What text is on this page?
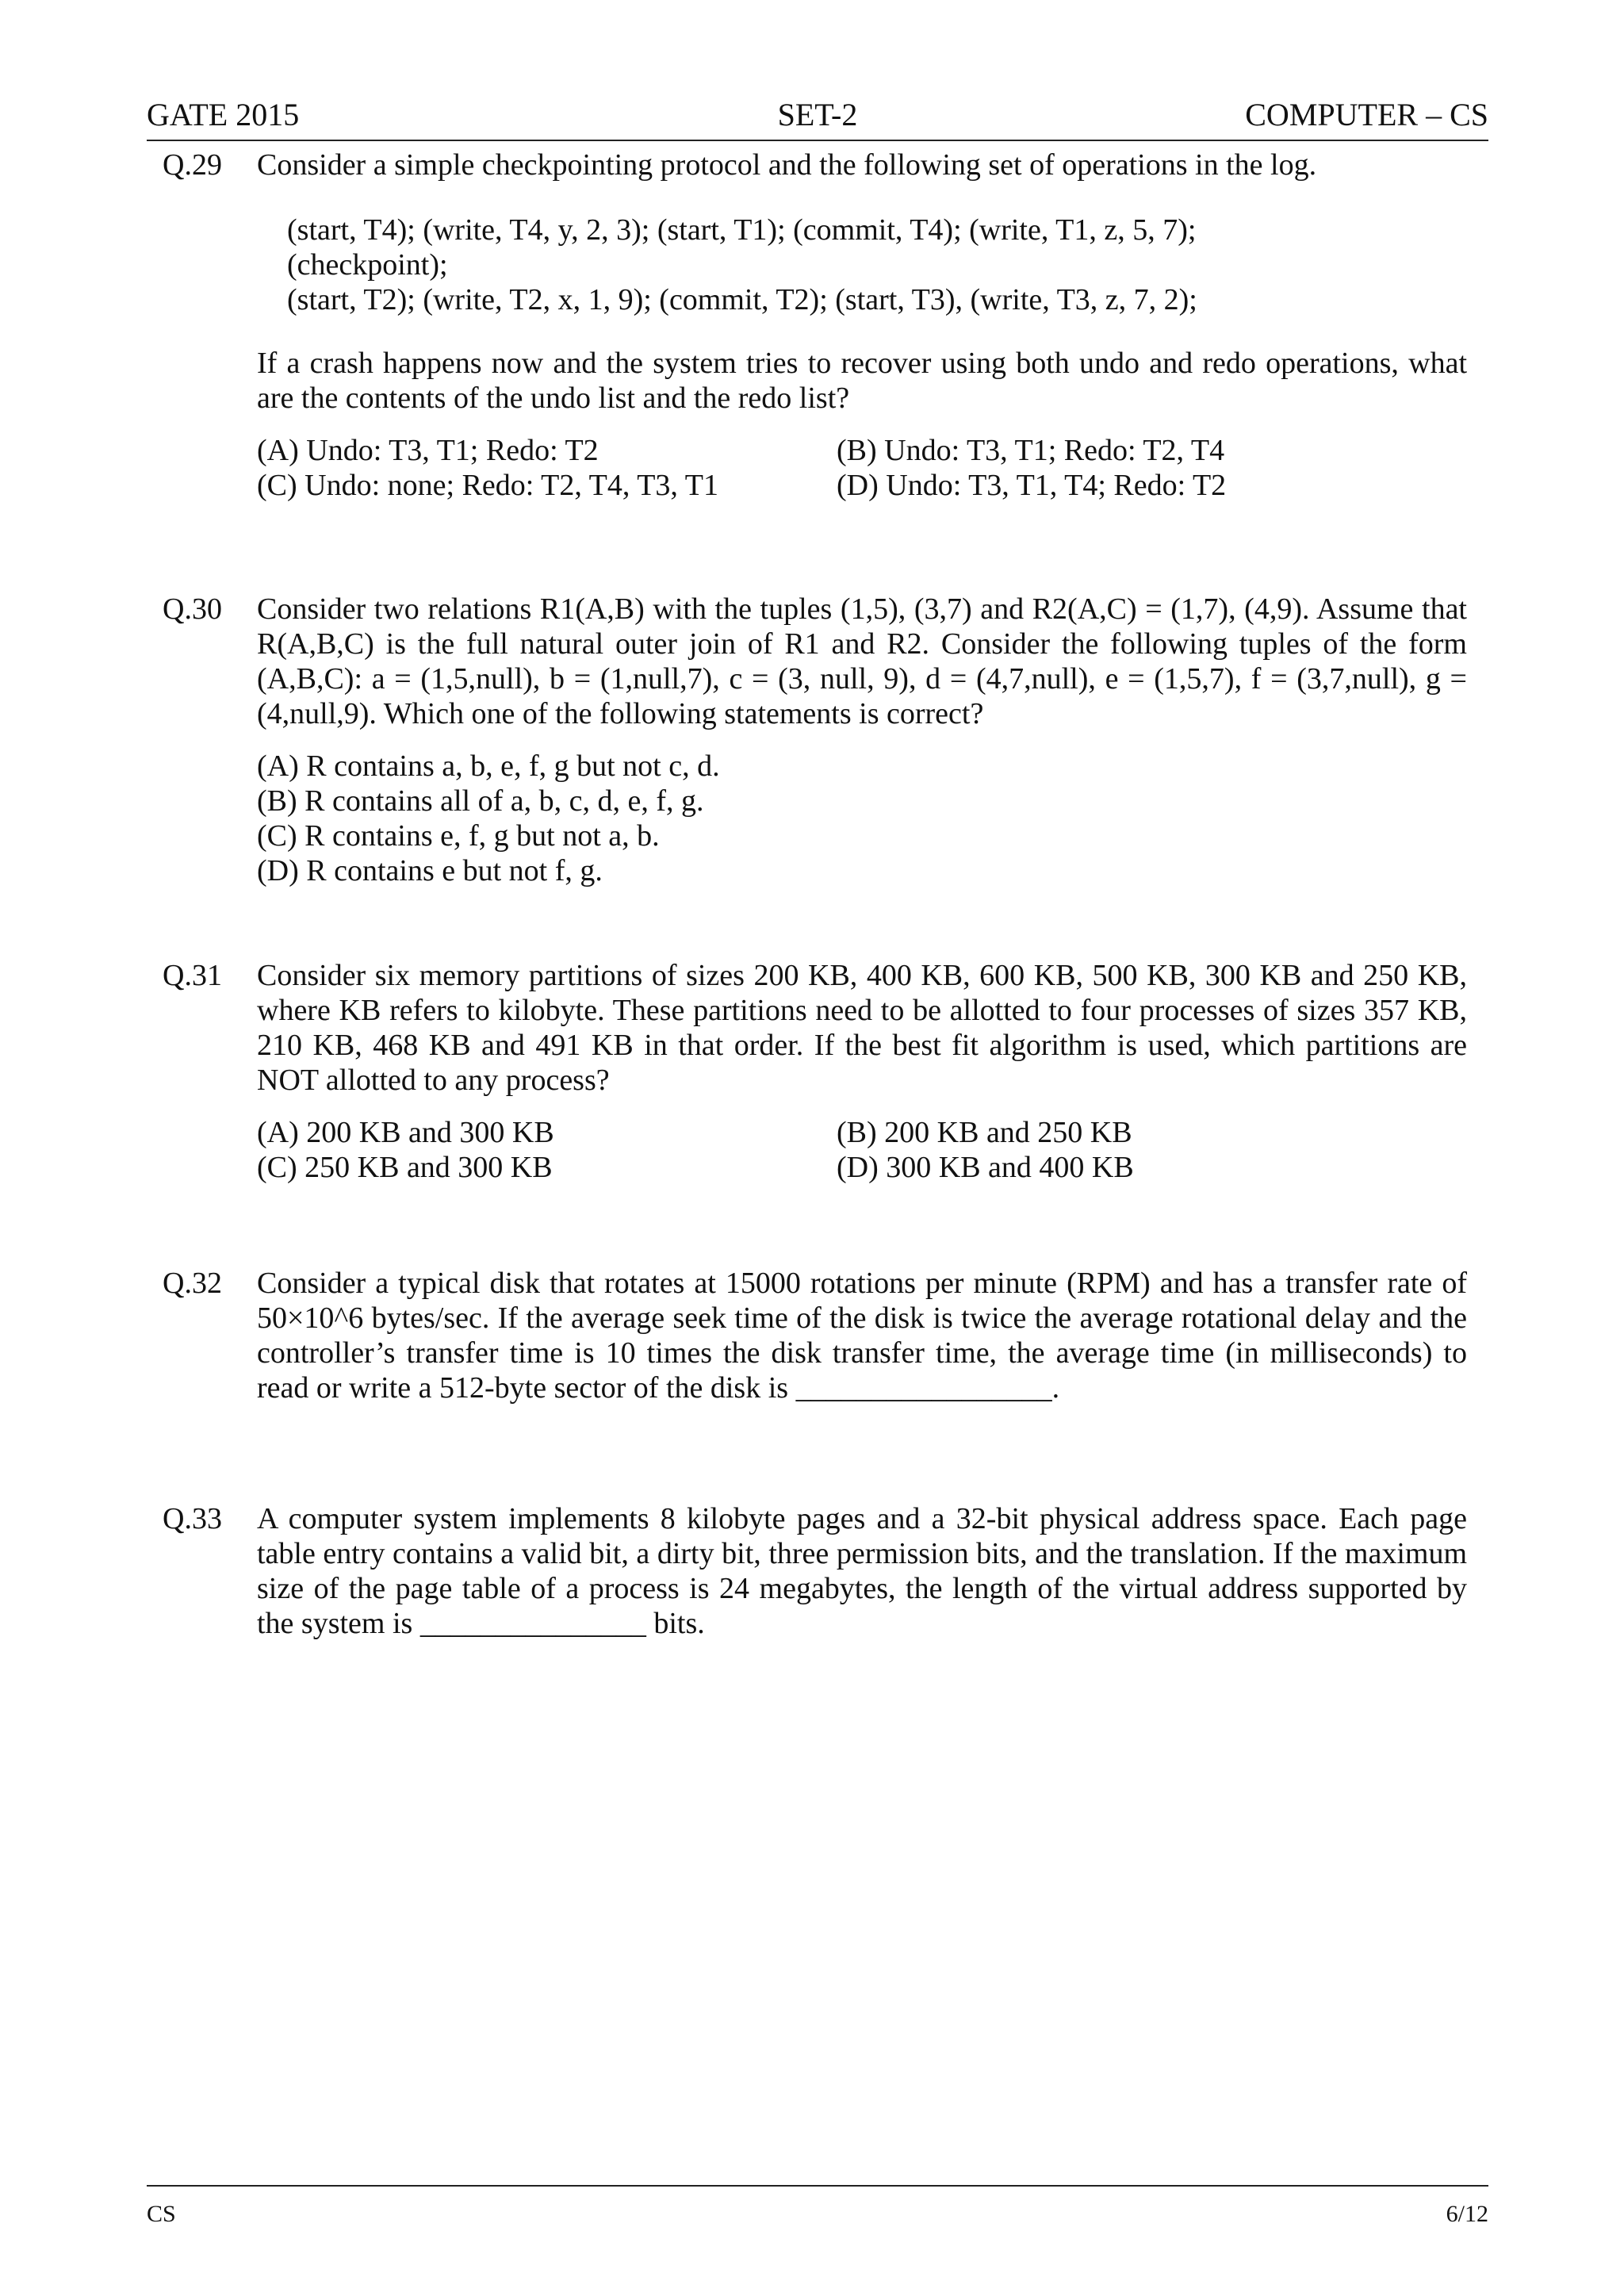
GATE 2015	SET-2	COMPUTER – CS
Q.29 Consider a simple checkpointing protocol and the following set of operations in the log.
(start, T4); (write, T4, y, 2, 3); (start, T1); (commit, T4); (write, T1, z, 5, 7);
(checkpoint);
(start, T2); (write, T2, x, 1, 9); (commit, T2); (start, T3), (write, T3, z, 7, 2);
If a crash happens now and the system tries to recover using both undo and redo operations, what are the contents of the undo list and the redo list?
(A) Undo: T3, T1; Redo: T2	(B) Undo: T3, T1; Redo: T2, T4
(C) Undo: none; Redo: T2, T4, T3, T1	(D) Undo: T3, T1, T4; Redo: T2
Q.30 Consider two relations R1(A,B) with the tuples (1,5), (3,7) and R2(A,C) = (1,7), (4,9). Assume that R(A,B,C) is the full natural outer join of R1 and R2. Consider the following tuples of the form (A,B,C): a = (1,5,null), b = (1,null,7), c = (3, null, 9), d = (4,7,null), e = (1,5,7), f = (3,7,null), g = (4,null,9). Which one of the following statements is correct?
(A) R contains a, b, e, f, g but not c, d.
(B) R contains all of a, b, c, d, e, f, g.
(C) R contains e, f, g but not a, b.
(D) R contains e but not f, g.
Q.31 Consider six memory partitions of sizes 200 KB, 400 KB, 600 KB, 500 KB, 300 KB and 250 KB, where KB refers to kilobyte. These partitions need to be allotted to four processes of sizes 357 KB, 210 KB, 468 KB and 491 KB in that order. If the best fit algorithm is used, which partitions are NOT allotted to any process?
(A) 200 KB and 300 KB	(B) 200 KB and 250 KB
(C) 250 KB and 300 KB	(D) 300 KB and 400 KB
Q.32 Consider a typical disk that rotates at 15000 rotations per minute (RPM) and has a transfer rate of 50×10^6 bytes/sec. If the average seek time of the disk is twice the average rotational delay and the controller’s transfer time is 10 times the disk transfer time, the average time (in milliseconds) to read or write a 512-byte sector of the disk is _________________.
Q.33 A computer system implements 8 kilobyte pages and a 32-bit physical address space. Each page table entry contains a valid bit, a dirty bit, three permission bits, and the translation. If the maximum size of the page table of a process is 24 megabytes, the length of the virtual address supported by the system is _______________ bits.
CS	6/12
